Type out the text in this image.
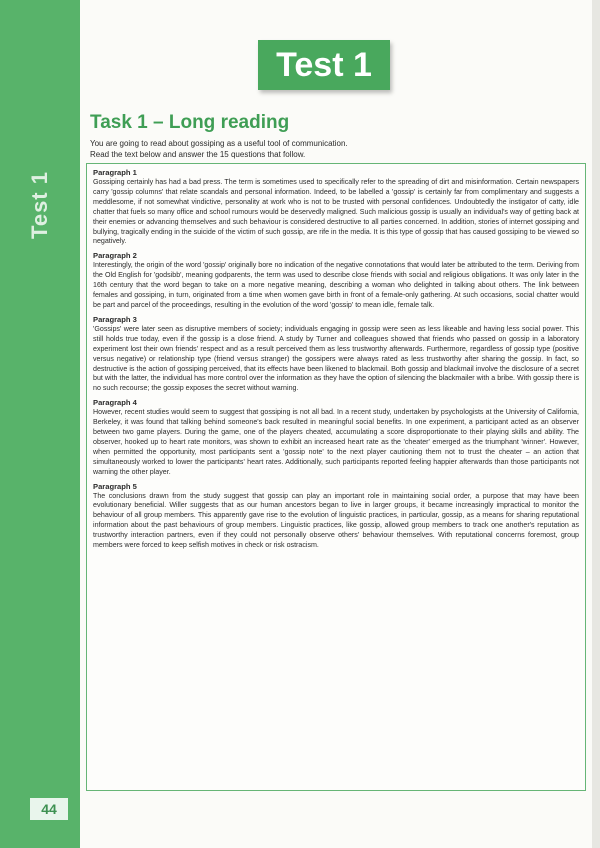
Test 1
44
Test 1
Task 1 – Long reading
You are going to read about gossiping as a useful tool of communication.
Read the text below and answer the 15 questions that follow.
Paragraph 1

Gossiping certainly has had a bad press. The term is sometimes used to specifically refer to the spreading of dirt and misinformation. Certain newspapers carry 'gossip columns' that relate scandals and personal information. Indeed, to be labelled a 'gossip' is certainly far from complimentary and suggests a meddlesome, if not somewhat vindictive, personality at work who is not to be trusted with personal confidences. Undoubtedly the instigator of catty, idle chatter that fuels so many office and school rumours would be deservedly maligned. Such malicious gossip is usually an individual's way of getting back at their enemies or advancing themselves and such behaviour is considered destructive to all parties concerned. In addition, stories of internet gossiping and bullying, tragically ending in the suicide of the victim of such gossip, are rife in the media. It is this type of gossip that has caused gossiping to be viewed so negatively.

Paragraph 2

Interestingly, the origin of the word 'gossip' originally bore no indication of the negative connotations that would later be attributed to the term. Deriving from the Old English for 'godsibb', meaning godparents, the term was used to describe close friends with social and religious obligations. It was only later in the 16th century that the word began to take on a more negative meaning, describing a woman who delighted in talking about others. The link between females and gossiping, in turn, originated from a time when women gave birth in front of a female-only gathering. At such occasions, social chatter would be part and parcel of the proceedings, resulting in the evolution of the word 'gossip' to mean idle, female talk.

Paragraph 3

'Gossips' were later seen as disruptive members of society; individuals engaging in gossip were seen as less likeable and having less social power. This still holds true today, even if the gossip is a close friend. A study by Turner and colleagues showed that friends who passed on gossip in a laboratory experiment lost their own friends' respect and as a result perceived them as less trustworthy afterwards. Furthermore, regardless of gossip type (positive versus negative) or relationship type (friend versus stranger) the gossipers were always rated as less trustworthy after sharing the gossip. In fact, so destructive is the action of gossiping perceived, that its effects have been likened to blackmail. Both gossip and blackmail involve the disclosure of a secret but with the latter, the individual has more control over the information as they have the option of silencing the blackmailer with a bribe. With gossip there is no such recourse; the gossip exposes the secret without warning.

Paragraph 4

However, recent studies would seem to suggest that gossiping is not all bad. In a recent study, undertaken by psychologists at the University of California, Berkeley, it was found that talking behind someone's back resulted in meaningful social benefits. In one experiment, a participant acted as an observer between two game players. During the game, one of the players cheated, accumulating a score disproportionate to their playing skills and ability. The observer, hooked up to heart rate monitors, was shown to exhibit an increased heart rate as the 'cheater' emerged as the triumphant 'winner'. However, when permitted the opportunity, most participants sent a 'gossip note' to the next player cautioning them not to trust the cheater – an action that simultaneously worked to lower the participants' heart rates. Additionally, such participants reported feeling happier afterwards than those participants not warning the other player.

Paragraph 5

The conclusions drawn from the study suggest that gossip can play an important role in maintaining social order, a purpose that may have been evolutionary beneficial. Willer suggests that as our human ancestors began to live in larger groups, it became increasingly impractical to monitor the behaviour of all group members. This apparently gave rise to the evolution of linguistic practices, in particular, gossip, as a means for sharing reputational information about the past behaviours of group members. Linguistic practices, like gossip, allowed group members to track one another's reputation as trustworthy interaction partners, even if they could not personally observe others' behaviour themselves. With reputational concerns foremost, group members were forced to keep selfish motives in check or risk ostracism.
